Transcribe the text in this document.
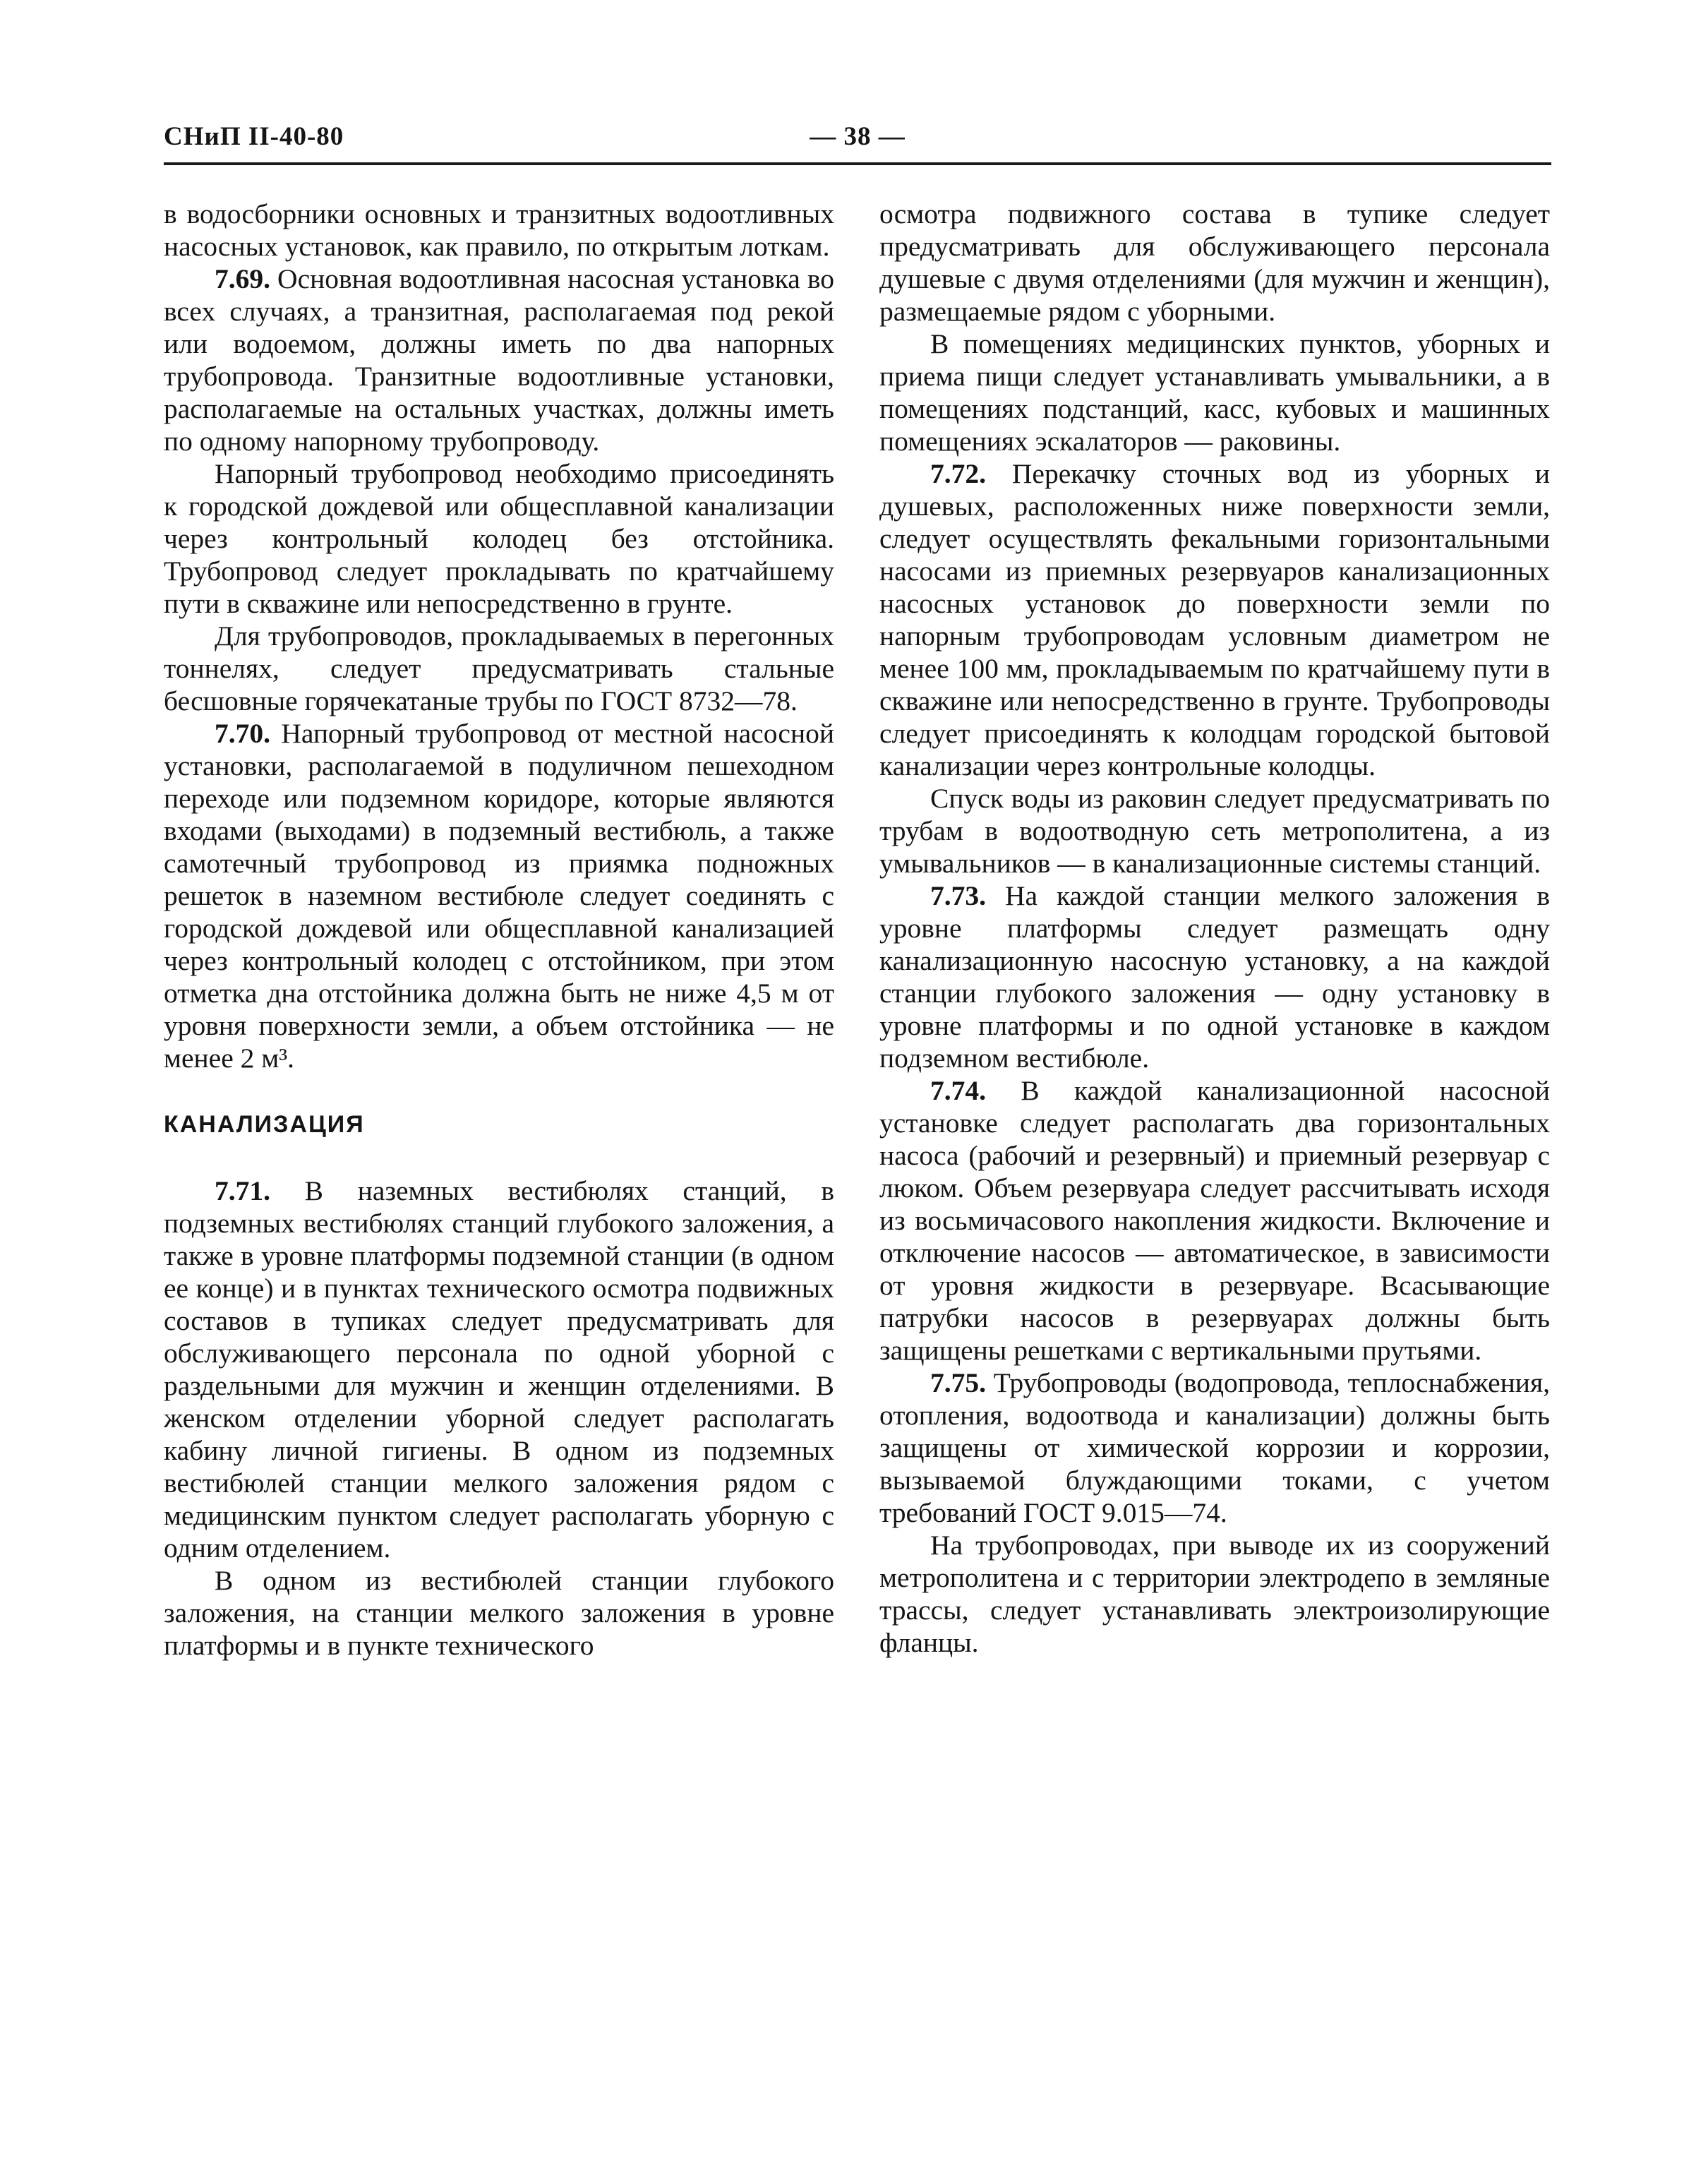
СНиП II-40-80	— 38 —

в водосборники основных и транзитных водоотливных насосных установок, как правило, по открытым лоткам.

7.69. Основная водоотливная насосная установка во всех случаях, а транзитная, располагаемая под рекой или водоемом, должны иметь по два напорных трубопровода. Транзитные водоотливные установки, располагаемые на остальных участках, должны иметь по одному напорному трубопроводу.

Напорный трубопровод необходимо присоединять к городской дождевой или общесплавной канализации через контрольный колодец без отстойника. Трубопровод следует прокладывать по кратчайшему пути в скважине или непосредственно в грунте.

Для трубопроводов, прокладываемых в перегонных тоннелях, следует предусматривать стальные бесшовные горячекатаные трубы по ГОСТ 8732—78.

7.70. Напорный трубопровод от местной насосной установки, располагаемой в подуличном пешеходном переходе или подземном коридоре, которые являются входами (выходами) в подземный вестибюль, а также самотечный трубопровод из приямка подножных решеток в наземном вестибюле следует соединять с городской дождевой или общесплавной канализацией через контрольный колодец с отстойником, при этом отметка дна отстойника должна быть не ниже 4,5 м от уровня поверхности земли, а объем отстойника — не менее 2 м³.

КАНАЛИЗАЦИЯ

7.71. В наземных вестибюлях станций, в подземных вестибюлях станций глубокого заложения, а также в уровне платформы подземной станции (в одном ее конце) и в пунктах технического осмотра подвижных составов в тупиках следует предусматривать для обслуживающего персонала по одной уборной с раздельными для мужчин и женщин отделениями. В женском отделении уборной следует располагать кабину личной гигиены. В одном из подземных вестибюлей станции мелкого заложения рядом с медицинским пунктом следует располагать уборную с одним отделением.

В одном из вестибюлей станции глубокого заложения, на станции мелкого заложения в уровне платформы и в пункте технического

осмотра подвижного состава в тупике следует предусматривать для обслуживающего персонала душевые с двумя отделениями (для мужчин и женщин), размещаемые рядом с уборными.

В помещениях медицинских пунктов, уборных и приема пищи следует устанавливать умывальники, а в помещениях подстанций, касс, кубовых и машинных помещениях эскалаторов — раковины.

7.72. Перекачку сточных вод из уборных и душевых, расположенных ниже поверхности земли, следует осуществлять фекальными горизонтальными насосами из приемных резервуаров канализационных насосных установок до поверхности земли по напорным трубопроводам условным диаметром не менее 100 мм, прокладываемым по кратчайшему пути в скважине или непосредственно в грунте. Трубопроводы следует присоединять к колодцам городской бытовой канализации через контрольные колодцы.

Спуск воды из раковин следует предусматривать по трубам в водоотводную сеть метрополитена, а из умывальников — в канализационные системы станций.

7.73. На каждой станции мелкого заложения в уровне платформы следует размещать одну канализационную насосную установку, а на каждой станции глубокого заложения — одну установку в уровне платформы и по одной установке в каждом подземном вестибюле.

7.74. В каждой канализационной насосной установке следует располагать два горизонтальных насоса (рабочий и резервный) и приемный резервуар с люком. Объем резервуара следует рассчитывать исходя из восьмичасового накопления жидкости. Включение и отключение насосов — автоматическое, в зависимости от уровня жидкости в резервуаре. Всасывающие патрубки насосов в резервуарах должны быть защищены решетками с вертикальными прутьями.

7.75. Трубопроводы (водопровода, теплоснабжения, отопления, водоотвода и канализации) должны быть защищены от химической коррозии и коррозии, вызываемой блуждающими токами, с учетом требований ГОСТ 9.015—74.

На трубопроводах, при выводе их из сооружений метрополитена и с территории электродепо в земляные трассы, следует устанавливать электроизолирующие фланцы.
